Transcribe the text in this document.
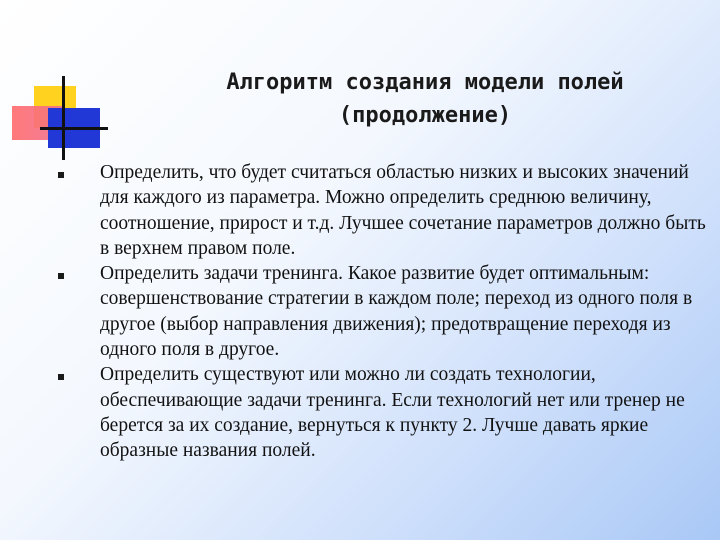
Алгоритм создания модели полей
(продолжение)
Определить, что будет считаться областью низких и высоких значений для каждого из параметра. Можно определить среднюю величину, соотношение, прирост и т.д. Лучшее сочетание параметров должно быть в верхнем правом поле.
Определить задачи тренинга. Какое развитие будет оптимальным: совершенствование стратегии в каждом поле; переход из одного поля в другое (выбор направления движения); предотвращение переходя из одного поля в другое.
Определить существуют или можно ли создать технологии, обеспечивающие задачи тренинга. Если технологий нет или тренер не берется за их создание, вернуться к пункту 2. Лучше давать яркие образные названия полей.
